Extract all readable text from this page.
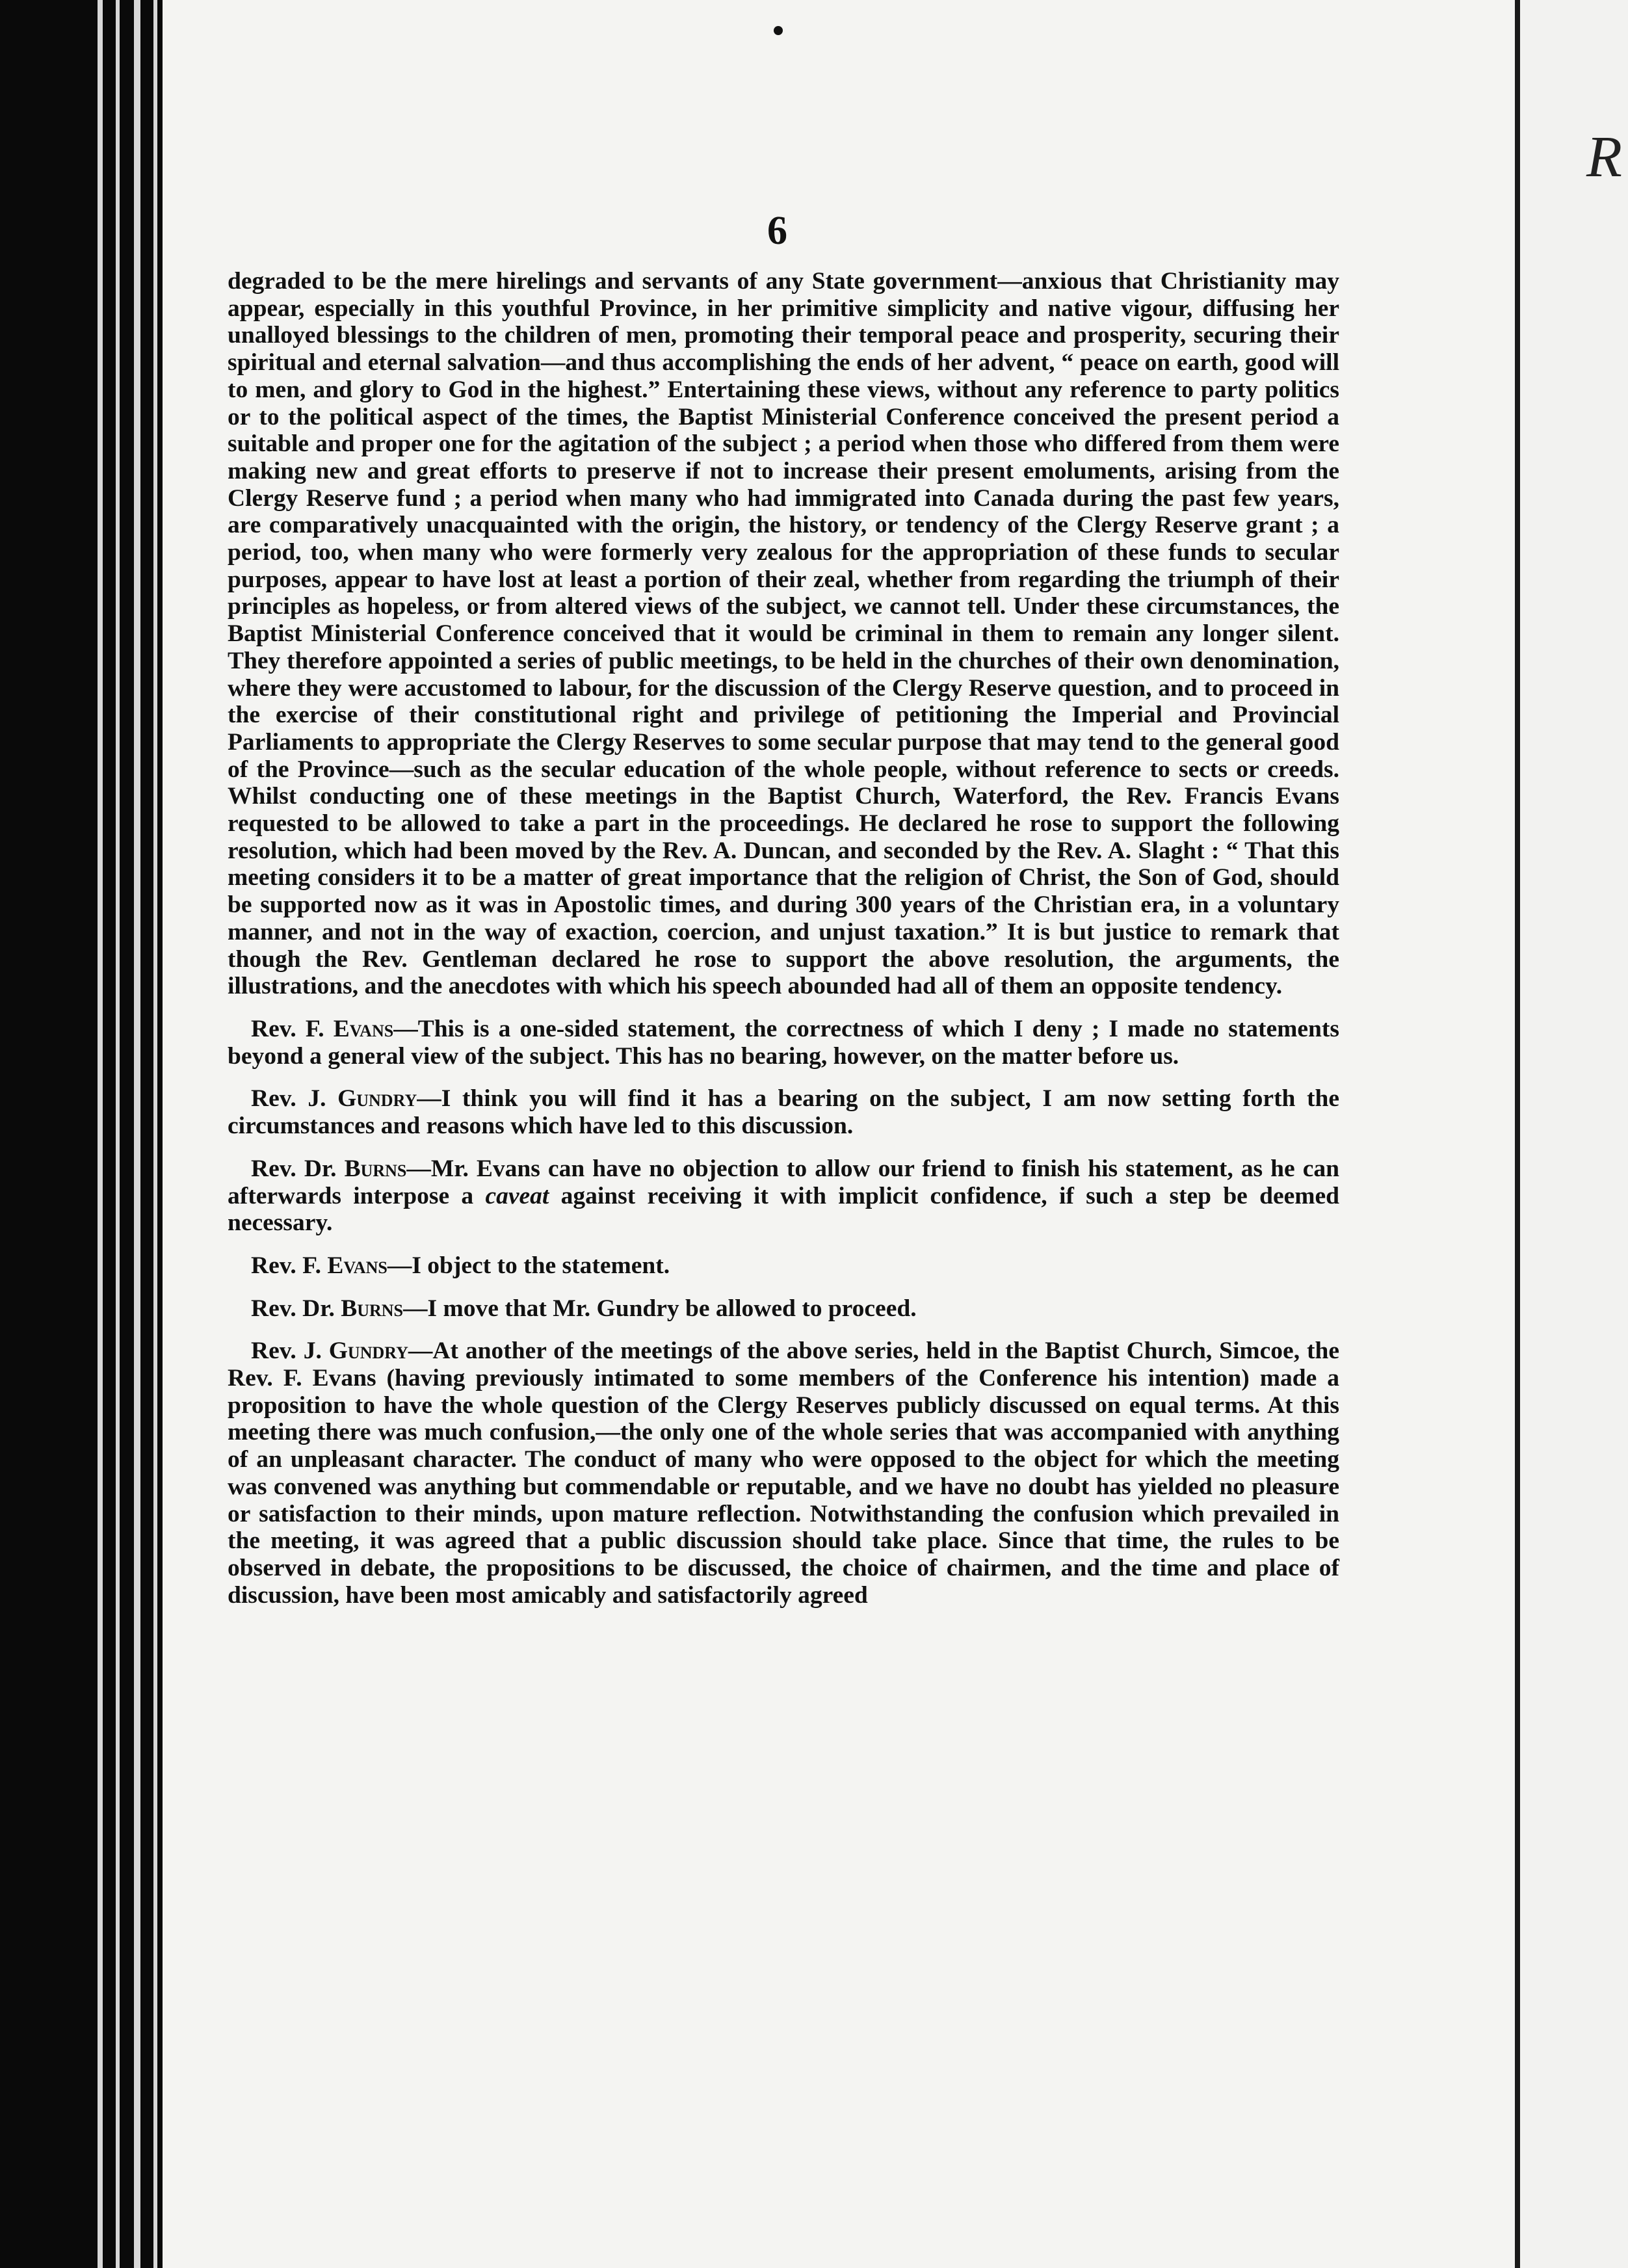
R
6

degraded to be the mere hirelings and servants of any State government—anxious that Christianity may appear, especially in this youthful Province, in her primitive simplicity and native vigour, diffusing her unalloyed blessings to the children of men, promoting their temporal peace and prosperity, securing their spiritual and eternal salvation—and thus accomplishing the ends of her advent, “ peace on earth, good will to men, and glory to God in the highest.” Entertaining these views, without any reference to party politics or to the political aspect of the times, the Baptist Ministerial Conference conceived the present period a suitable and proper one for the agitation of the subject ; a period when those who differed from them were making new and great efforts to preserve if not to increase their present emoluments, arising from the Clergy Reserve fund ; a period when many who had immigrated into Canada during the past few years, are comparatively unacquainted with the origin, the history, or tendency of the Clergy Reserve grant ; a period, too, when many who were formerly very zealous for the appropriation of these funds to secular purposes, appear to have lost at least a portion of their zeal, whether from regarding the triumph of their principles as hopeless, or from altered views of the subject, we cannot tell. Under these circumstances, the Baptist Ministerial Conference conceived that it would be criminal in them to remain any longer silent. They therefore appointed a series of public meetings, to be held in the churches of their own denomination, where they were accustomed to labour, for the discussion of the Clergy Reserve question, and to proceed in the exercise of their constitutional right and privilege of petitioning the Imperial and Provincial Parliaments to appropriate the Clergy Reserves to some secular purpose that may tend to the general good of the Province—such as the secular education of the whole people, without reference to sects or creeds. Whilst conducting one of these meetings in the Baptist Church, Waterford, the Rev. Francis Evans requested to be allowed to take a part in the proceedings. He declared he rose to support the following resolution, which had been moved by the Rev. A. Duncan, and seconded by the Rev. A. Slaght : “ That this meeting considers it to be a matter of great importance that the religion of Christ, the Son of God, should be supported now as it was in Apostolic times, and during 300 years of the Christian era, in a voluntary manner, and not in the way of exaction, coercion, and unjust taxation.” It is but justice to remark that though the Rev. Gentleman declared he rose to support the above resolution, the arguments, the illustrations, and the anecdotes with which his speech abounded had all of them an opposite tendency.

Rev. F. Evans—This is a one-sided statement, the correctness of which I deny ; I made no statements beyond a general view of the subject. This has no bearing, however, on the matter before us.

Rev. J. Gundry—I think you will find it has a bearing on the subject, I am now setting forth the circumstances and reasons which have led to this discussion.

Rev. Dr. Burns—Mr. Evans can have no objection to allow our friend to finish his statement, as he can afterwards interpose a caveat against receiving it with implicit confidence, if such a step be deemed necessary.

Rev. F. Evans—I object to the statement.

Rev. Dr. Burns—I move that Mr. Gundry be allowed to proceed.

Rev. J. Gundry—At another of the meetings of the above series, held in the Baptist Church, Simcoe, the Rev. F. Evans (having previously intimated to some members of the Conference his intention) made a proposition to have the whole question of the Clergy Reserves publicly discussed on equal terms. At this meeting there was much confusion,—the only one of the whole series that was accompanied with anything of an unpleasant character. The conduct of many who were opposed to the object for which the meeting was convened was anything but commendable or reputable, and we have no doubt has yielded no pleasure or satisfaction to their minds, upon mature reflection. Notwithstanding the confusion which prevailed in the meeting, it was agreed that a public discussion should take place. Since that time, the rules to be observed in debate, the propositions to be discussed, the choice of chairmen, and the time and place of discussion, have been most amicably and satisfactorily agreed
